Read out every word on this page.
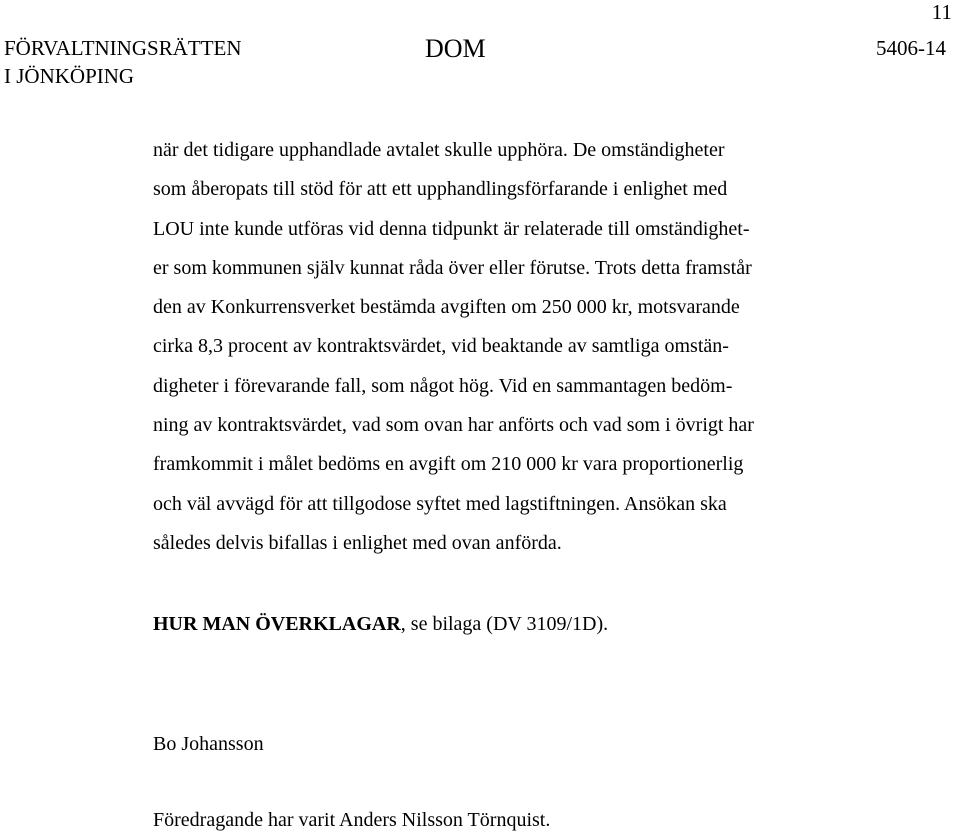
11
FÖRVALTNINGSRÄTTEN
I JÖNKÖPING
DOM	5406-14
när det tidigare upphandlade avtalet skulle upphöra. De omständigheter
som åberopats till stöd för att ett upphandlingsförfarande i enlighet med
LOU inte kunde utföras vid denna tidpunkt är relaterade till omständighet-
er som kommunen själv kunnat råda över eller förutse. Trots detta framstår
den av Konkurrensverket bestämda avgiften om 250 000 kr, motsvarande
cirka 8,3 procent av kontraktsvärdet, vid beaktande av samtliga omstän-
digheter i förevarande fall, som något hög. Vid en sammantagen bedöm-
ning av kontraktsvärdet, vad som ovan har anförts och vad som i övrigt har
framkommit i målet bedöms en avgift om 210 000 kr vara proportionerlig
och väl avvägd för att tillgodose syftet med lagstiftningen. Ansökan ska
således delvis bifallas i enlighet med ovan anförda.
HUR MAN ÖVERKLAGAR, se bilaga (DV 3109/1D).
Bo Johansson
Föredragande har varit Anders Nilsson Törnquist.
